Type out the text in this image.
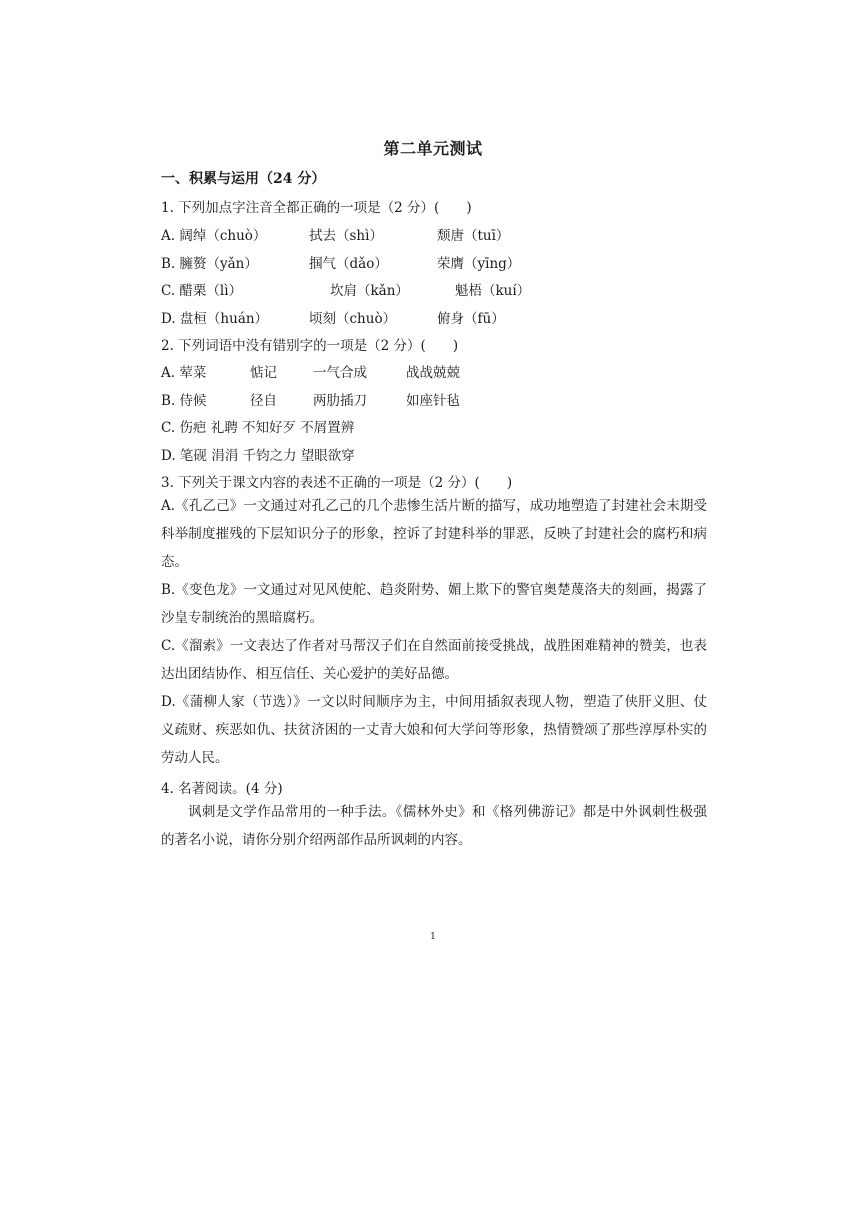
第二单元测试
一、积累与运用（24 分）
1. 下列加点字注音全都正确的一项是（2 分）(　　)
A. 阔绰（chuò）	拭去（shì）	颓唐（tuī）
B. 臃赘（yǎn）	掴气（dǎo）	荣膺（yīng）
C. 醋栗（lì）	坎肩（kǎn）	魁梧（kuí）
D. 盘桓（huán）	顷刻（chuò）	俯身（fū）
2. 下列词语中没有错别字的一项是（2 分）(　　)
A. 荤菜	惦记	一气合成	战战兢兢
B. 侍候	径自	两肋插刀	如座针毡
C. 伤疤 礼聘 不知好歹 不屑置辨
D. 笔砚 涓涓 千钧之力 望眼欲穿
3. 下列关于课文内容的表述不正确的一项是（2 分）(　　)
A.《孔乙己》一文通过对孔乙己的几个悲惨生活片断的描写，成功地塑造了封建社会末期受科举制度摧残的下层知识分子的形象，控诉了封建科举的罪恶，反映了封建社会的腐朽和病态。
B.《变色龙》一文通过对见风使舵、趋炎附势、媚上欺下的警官奥楚蔑洛夫的刻画，揭露了沙皇专制统治的黑暗腐朽。
C.《溜索》一文表达了作者对马帮汉子们在自然面前接受挑战，战胜困难精神的赞美，也表达出团结协作、相互信任、关心爱护的美好品德。
D.《蒲柳人家（节选）》一文以时间顺序为主，中间用插叙表现人物，塑造了侠肝义胆、仗义疏财、疾恶如仇、扶贫济困的一丈青大娘和何大学问等形象，热情赞颂了那些淳厚朴实的劳动人民。
4. 名著阅读。(4 分)
讽刺是文学作品常用的一种手法。《儒林外史》和《格列佛游记》都是中外讽刺性极强的著名小说，请你分别介绍两部作品所讽刺的内容。
1
